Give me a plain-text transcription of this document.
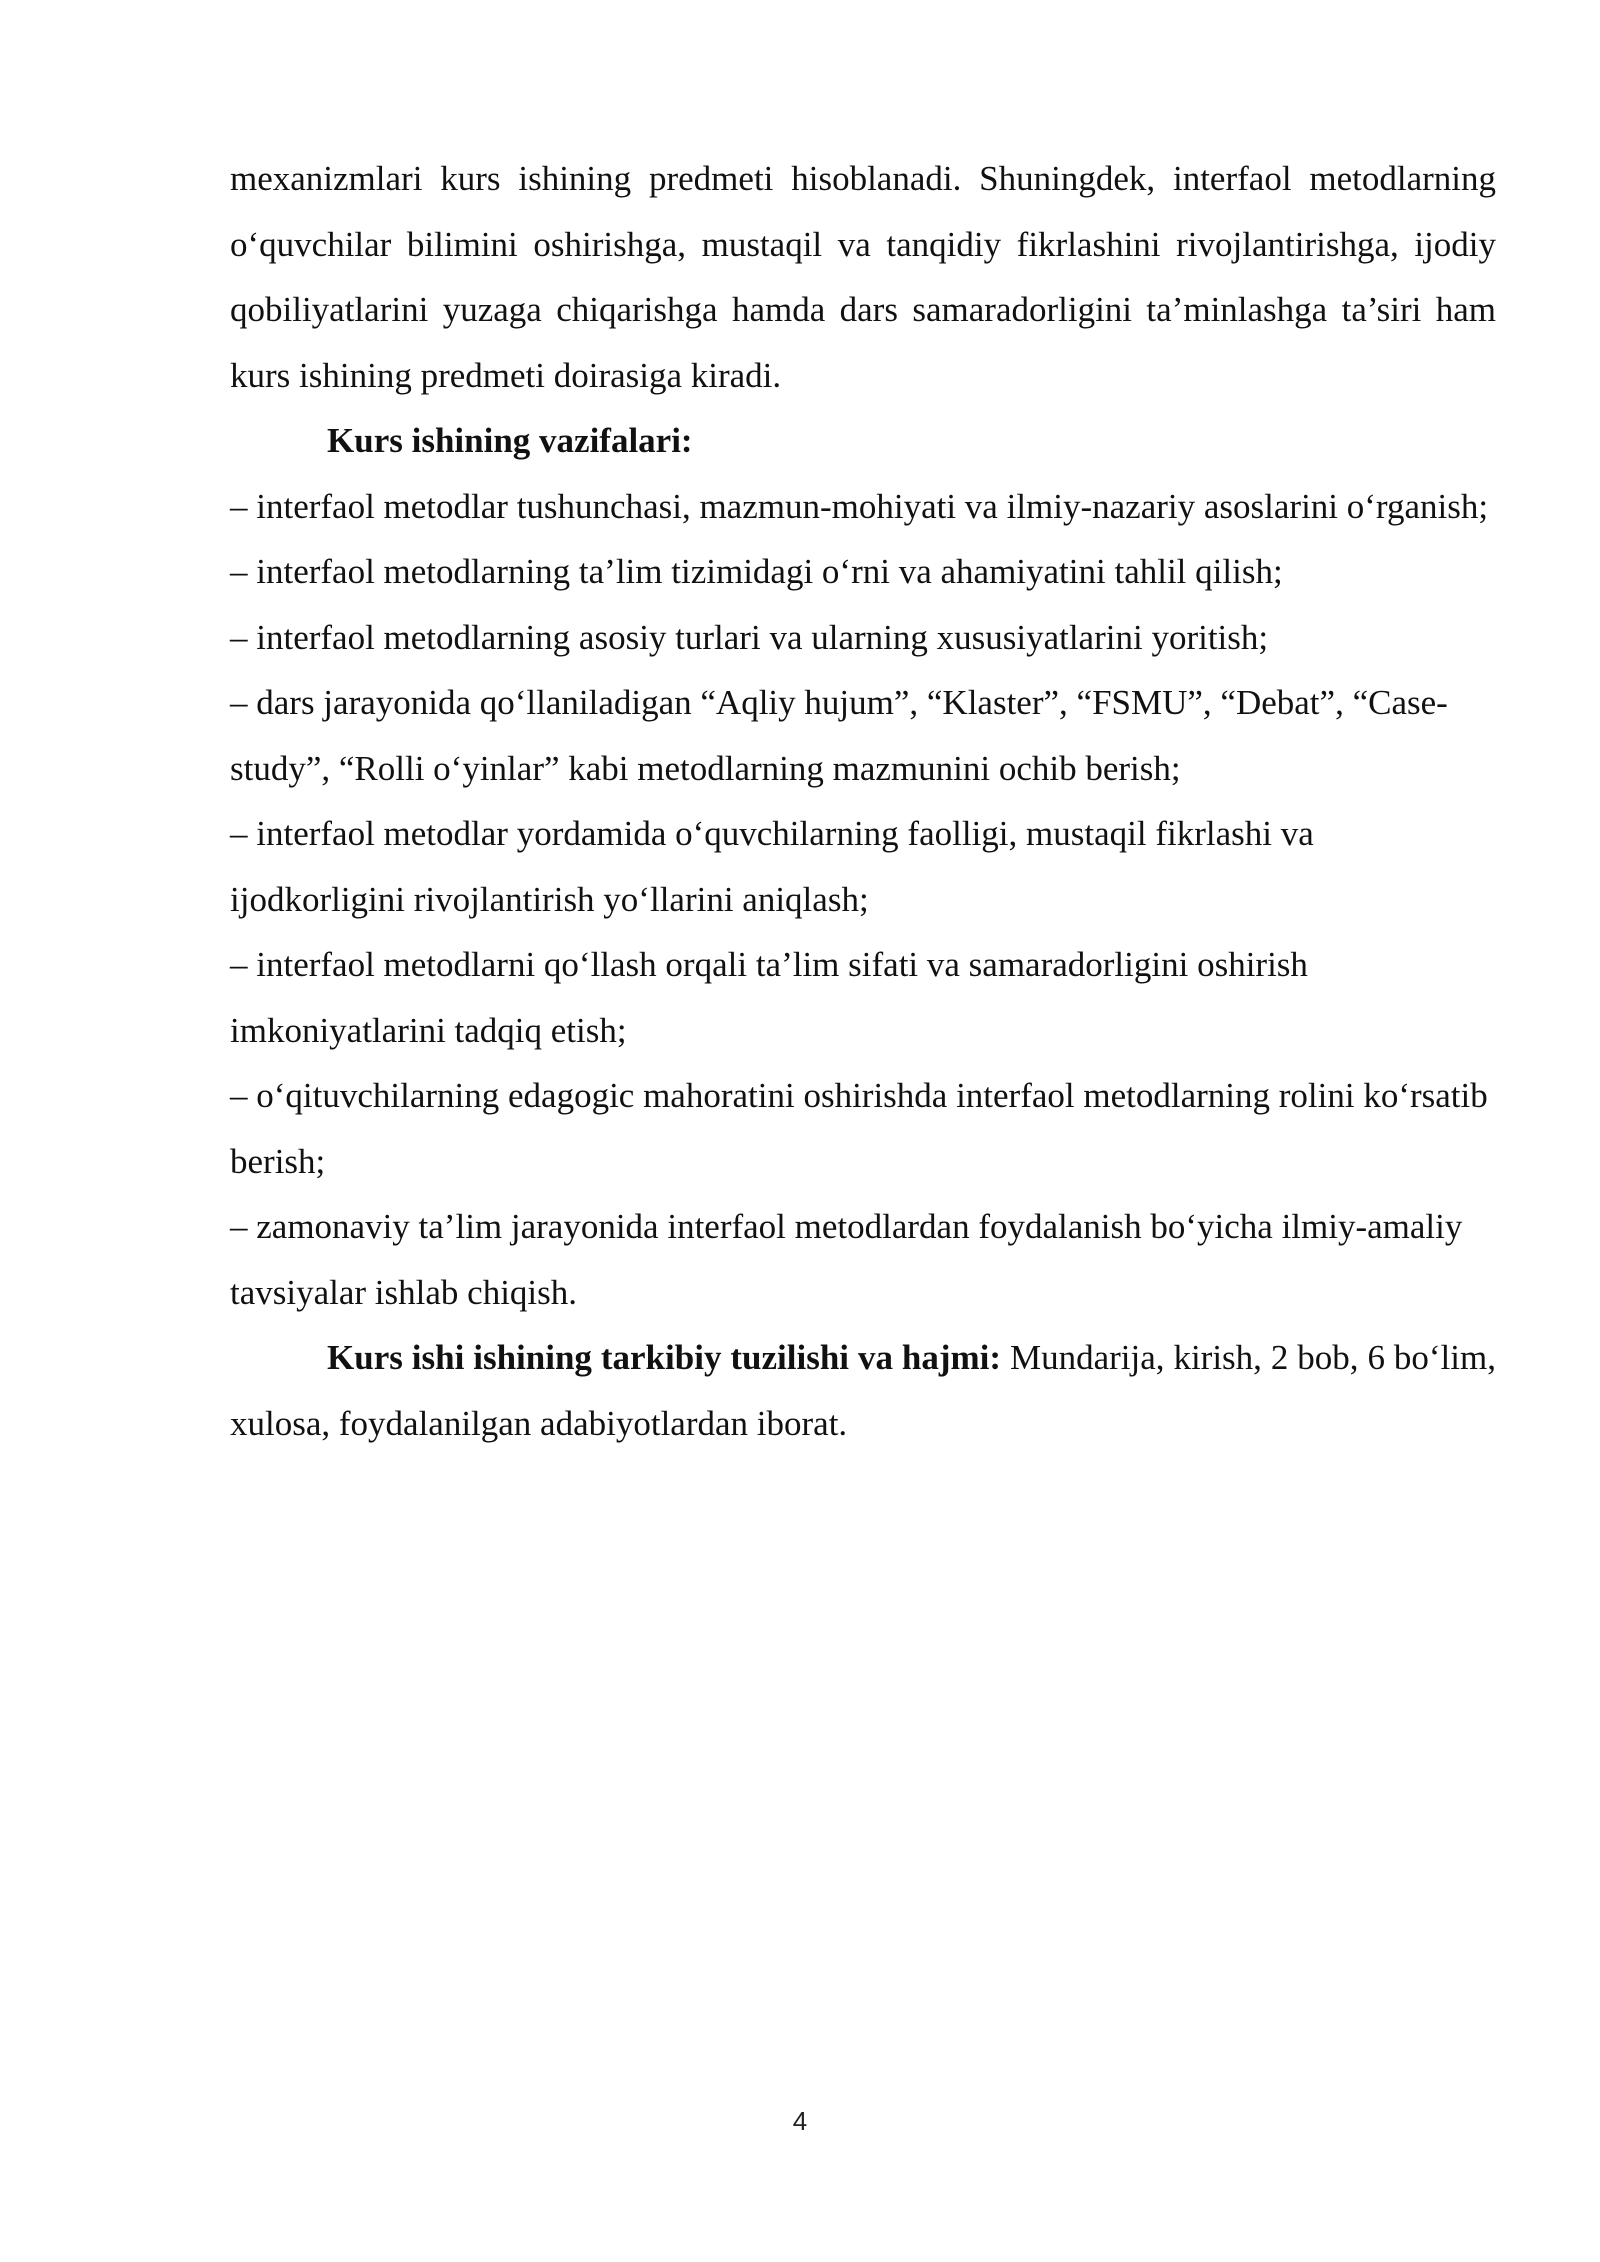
mexanizmlari kurs ishining predmeti hisoblanadi. Shuningdek, interfaol metodlarning o‘quvchilar bilimini oshirishga, mustaqil va tanqidiy fikrlashini rivojlantirishga, ijodiy qobiliyatlarini yuzaga chiqarishga hamda dars samaradorligini ta’minlashga ta’siri ham kurs ishining predmeti doirasiga kiradi.

Kurs ishining vazifalari:

– interfaol metodlar tushunchasi, mazmun-mohiyati va ilmiy-nazariy asoslarini o‘rganish;

– interfaol metodlarning ta’lim tizimidagi o‘rni va ahamiyatini tahlil qilish;

– interfaol metodlarning asosiy turlari va ularning xususiyatlarini yoritish;

– dars jarayonida qo‘llaniladigan “Aqliy hujum”, “Klaster”, “FSMU”, “Debat”, “Case-study”, “Rolli o‘yinlar” kabi metodlarning mazmunini ochib berish;

– interfaol metodlar yordamida o‘quvchilarning faolligi, mustaqil fikrlashi va ijodkorligini rivojlantirish yo‘llarini aniqlash;

– interfaol metodlarni qo‘llash orqali ta’lim sifati va samaradorligini oshirish imkoniyatlarini tadqiq etish;

– o‘qituvchilarning edagogic mahoratini oshirishda interfaol metodlarning rolini ko‘rsatib berish;

– zamonaviy ta’lim jarayonida interfaol metodlardan foydalanish bo‘yicha ilmiy-amaliy tavsiyalar ishlab chiqish.

Kurs ishi ishining tarkibiy tuzilishi va hajmi: Mundarija, kirish, 2 bob, 6 bo‘lim, xulosa, foydalanilgan adabiyotlardan iborat.

4
